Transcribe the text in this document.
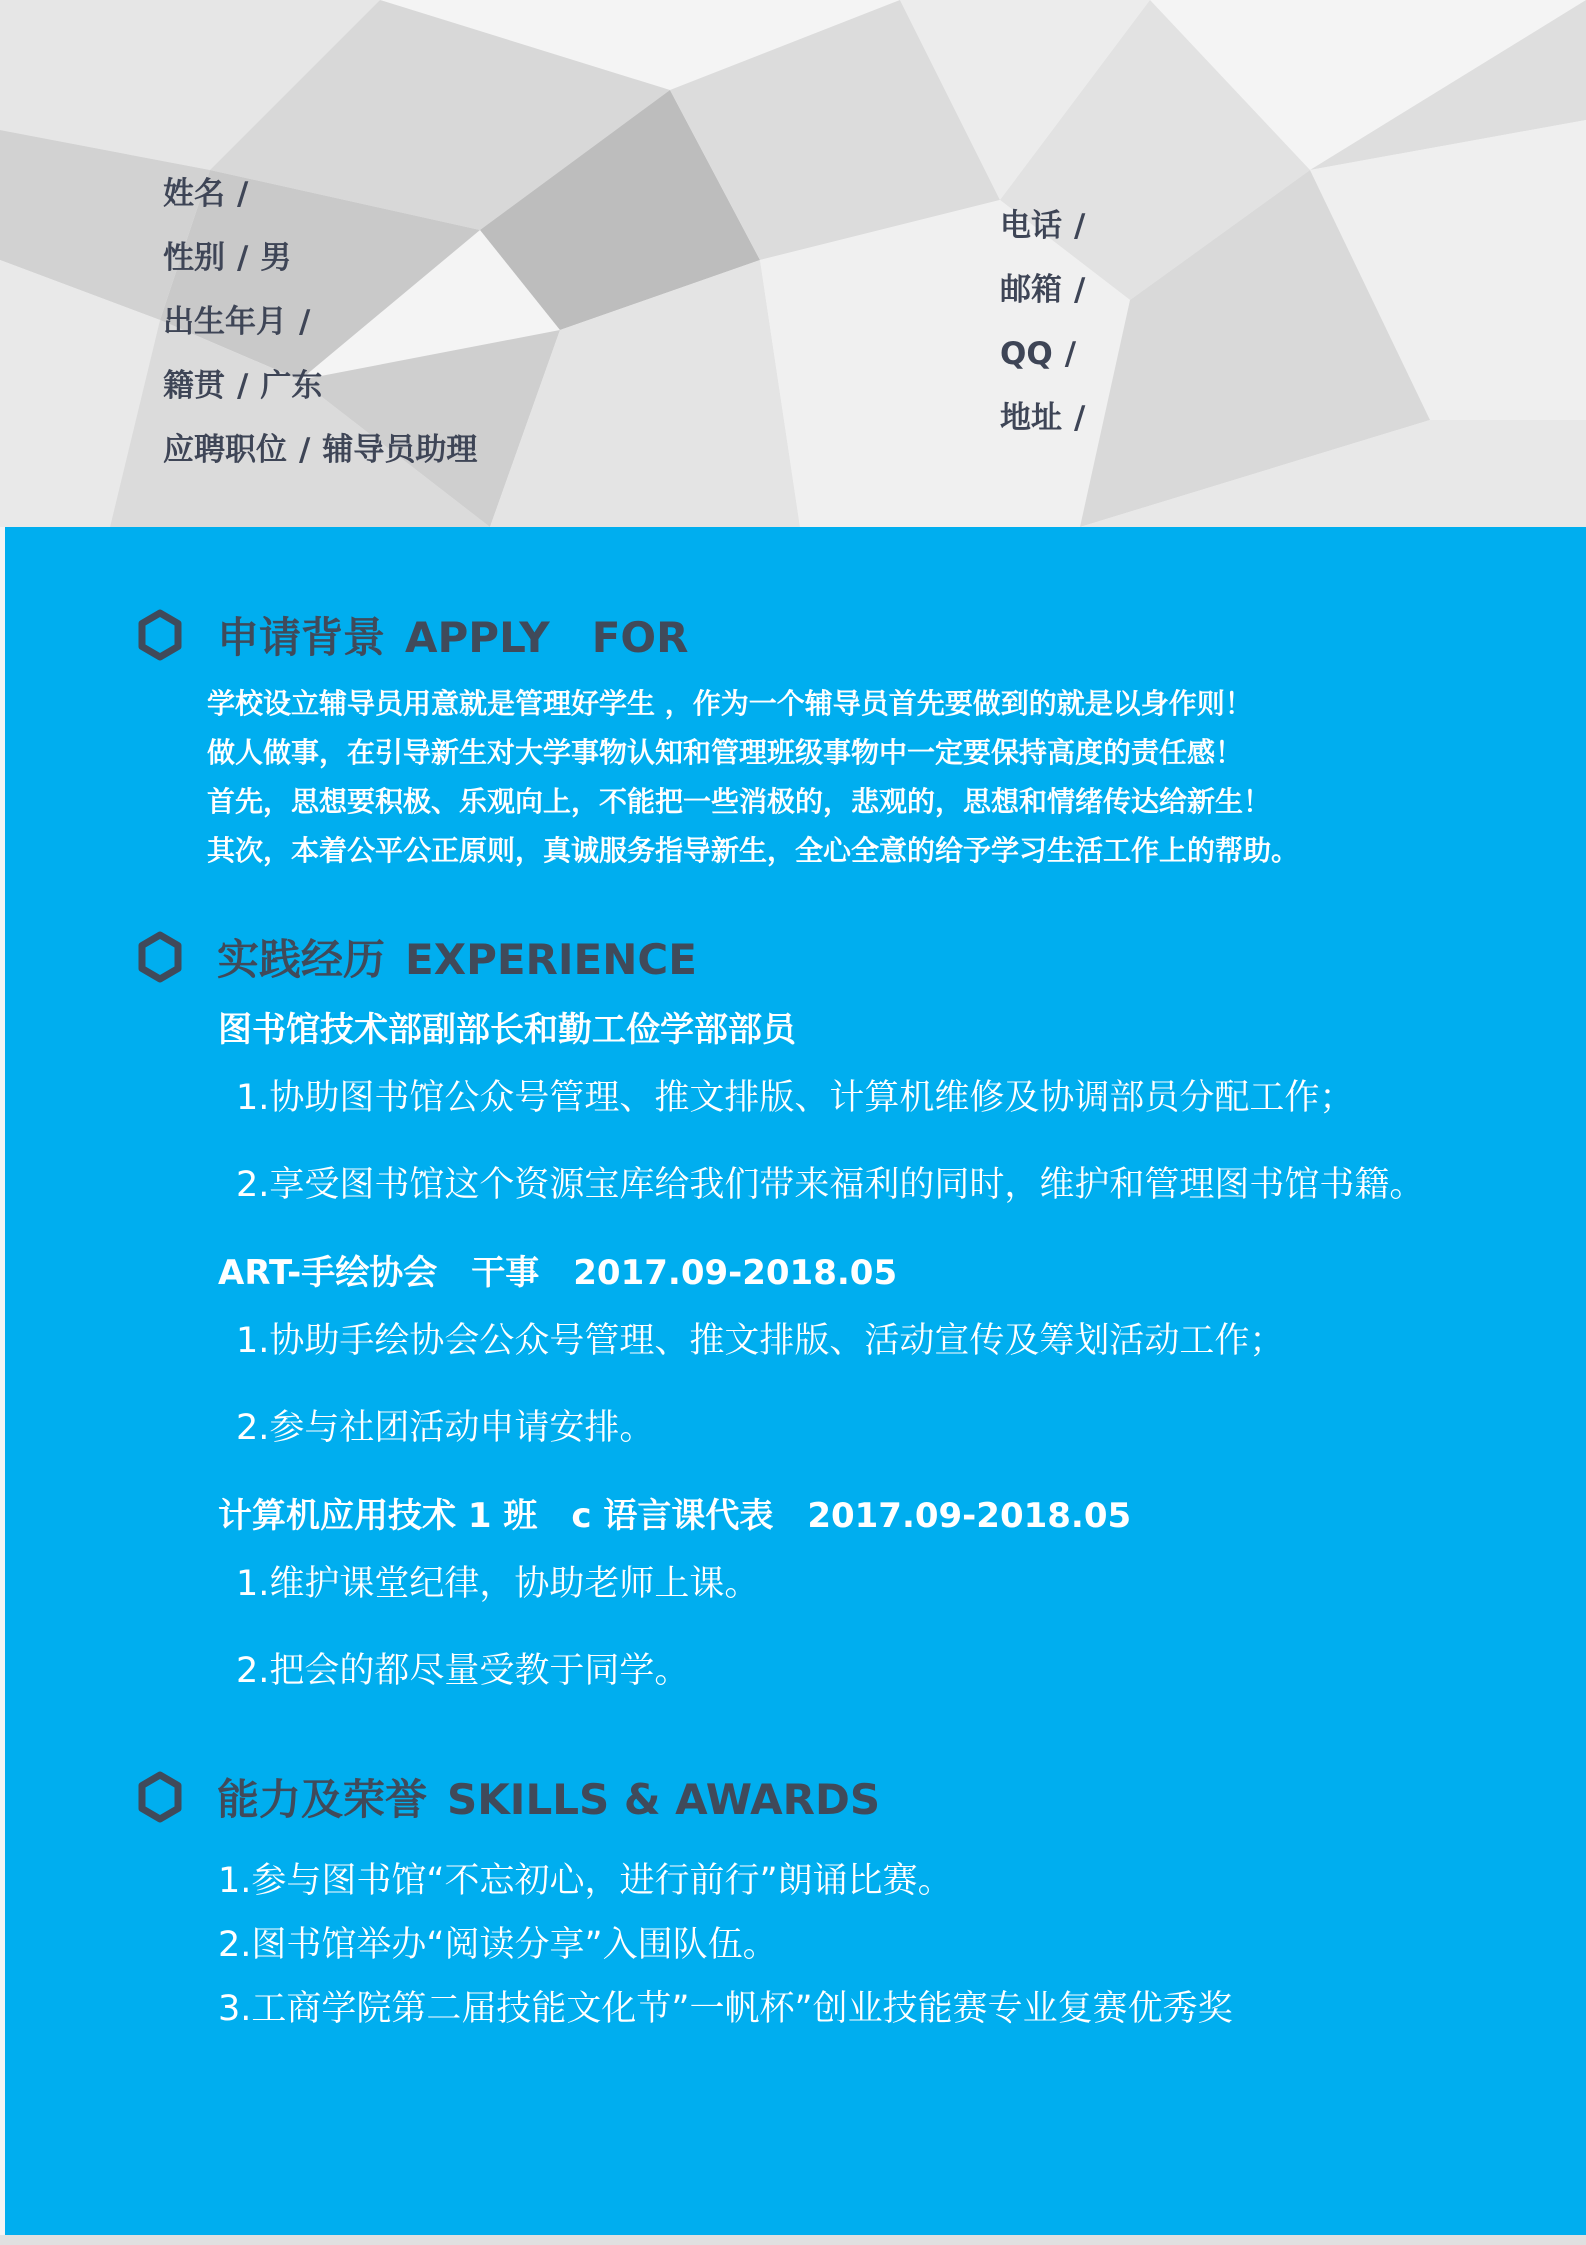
姓名 /
性别 / 男
出生年月 /
籍贯 / 广东
应聘职位 / 辅导员助理
电话 /
邮箱 /
QQ /
地址 /
申请背景 APPLY　FOR
学校设立辅导员用意就是管理好学生 ，作为一个辅导员首先要做到的就是以身作则！
做人做事，在引导新生对大学事物认知和管理班级事物中一定要保持高度的责任感！
首先，思想要积极、乐观向上，不能把一些消极的，悲观的，思想和情绪传达给新生！
其次，本着公平公正原则，真诚服务指导新生，全心全意的给予学习生活工作上的帮助。
实践经历 EXPERIENCE
图书馆技术部副部长和勤工俭学部部员
1.协助图书馆公众号管理、推文排版、计算机维修及协调部员分配工作；
2.享受图书馆这个资源宝库给我们带来福利的同时，维护和管理图书馆书籍。
ART-手绘协会　干事　2017.09-2018.05
1.协助手绘协会公众号管理、推文排版、活动宣传及筹划活动工作；
2.参与社团活动申请安排。
计算机应用技术 1 班　c 语言课代表　2017.09-2018.05
1.维护课堂纪律，协助老师上课。
2.把会的都尽量受教于同学。
能力及荣誉 SKILLS & AWARDS
1.参与图书馆“不忘初心，进行前行”朗诵比赛。
2.图书馆举办“阅读分享”入围队伍。
3.工商学院第二届技能文化节”一帆杯”创业技能赛专业复赛优秀奖
